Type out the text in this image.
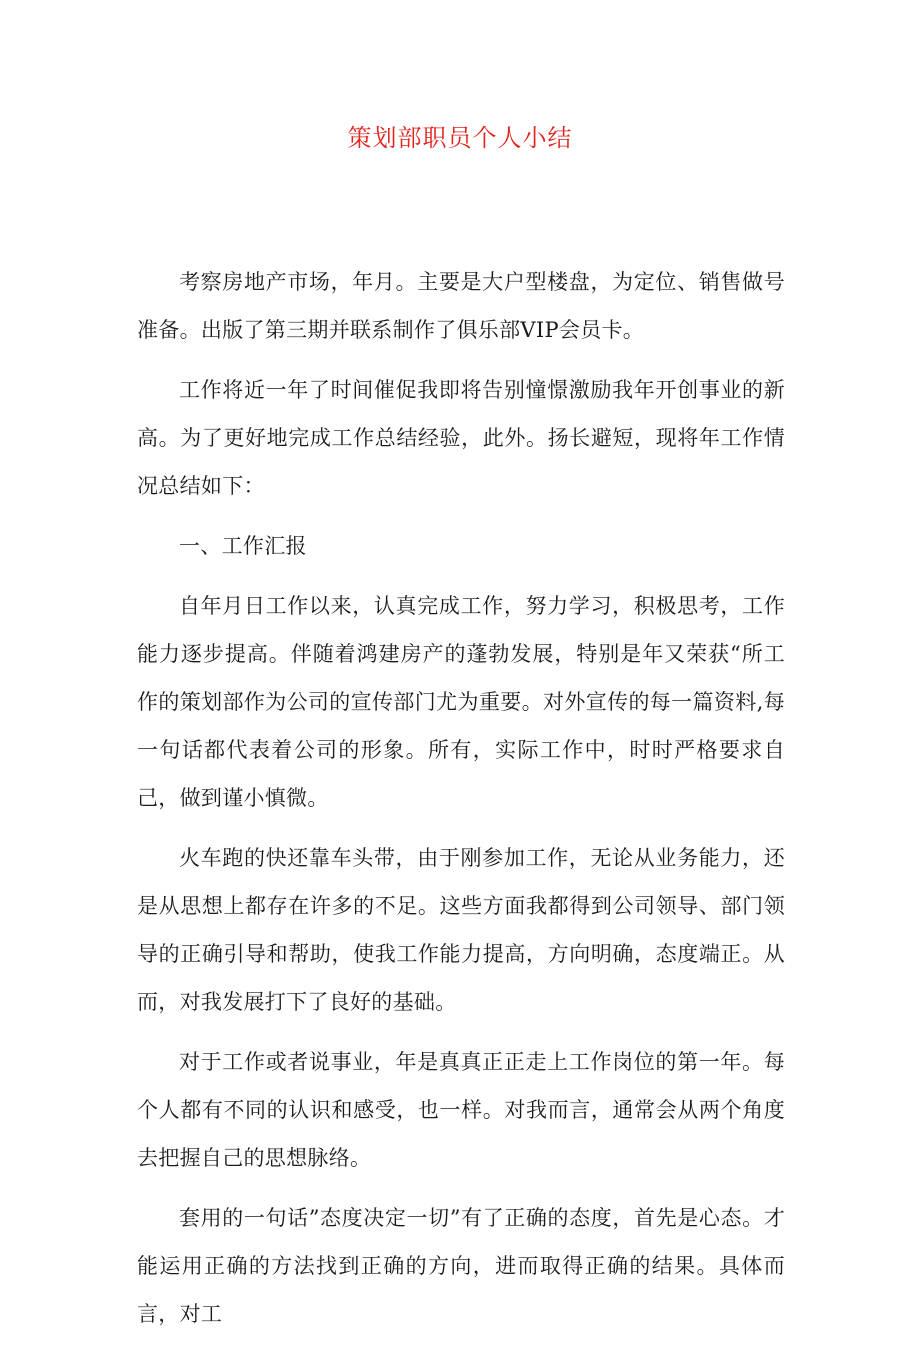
策划部职员个人小结

考察房地产市场，年月。主要是大户型楼盘，为定位、销售做号准备。出版了第三期并联系制作了俱乐部VIP会员卡。

工作将近一年了时间催促我即将告别憧憬激励我年开创事业的新高。为了更好地完成工作总结经验，此外。扬长避短，现将年工作情况总结如下：

一、工作汇报

自年月日工作以来，认真完成工作，努力学习，积极思考，工作能力逐步提高。伴随着鸿建房产的蓬勃发展，特别是年又荣获“所工作的策划部作为公司的宣传部门尤为重要。对外宣传的每一篇资料,每一句话都代表着公司的形象。所有，实际工作中，时时严格要求自己，做到谨小慎微。

火车跑的快还靠车头带，由于刚参加工作，无论从业务能力，还是从思想上都存在许多的不足。这些方面我都得到公司领导、部门领导的正确引导和帮助，使我工作能力提高，方向明确，态度端正。从而，对我发展打下了良好的基础。

对于工作或者说事业，年是真真正正走上工作岗位的第一年。每个人都有不同的认识和感受，也一样。对我而言，通常会从两个角度去把握自己的思想脉络。

套用的一句话”态度决定一切”有了正确的态度，首先是心态。才能运用正确的方法找到正确的方向，进而取得正确的结果。具体而言，对工
